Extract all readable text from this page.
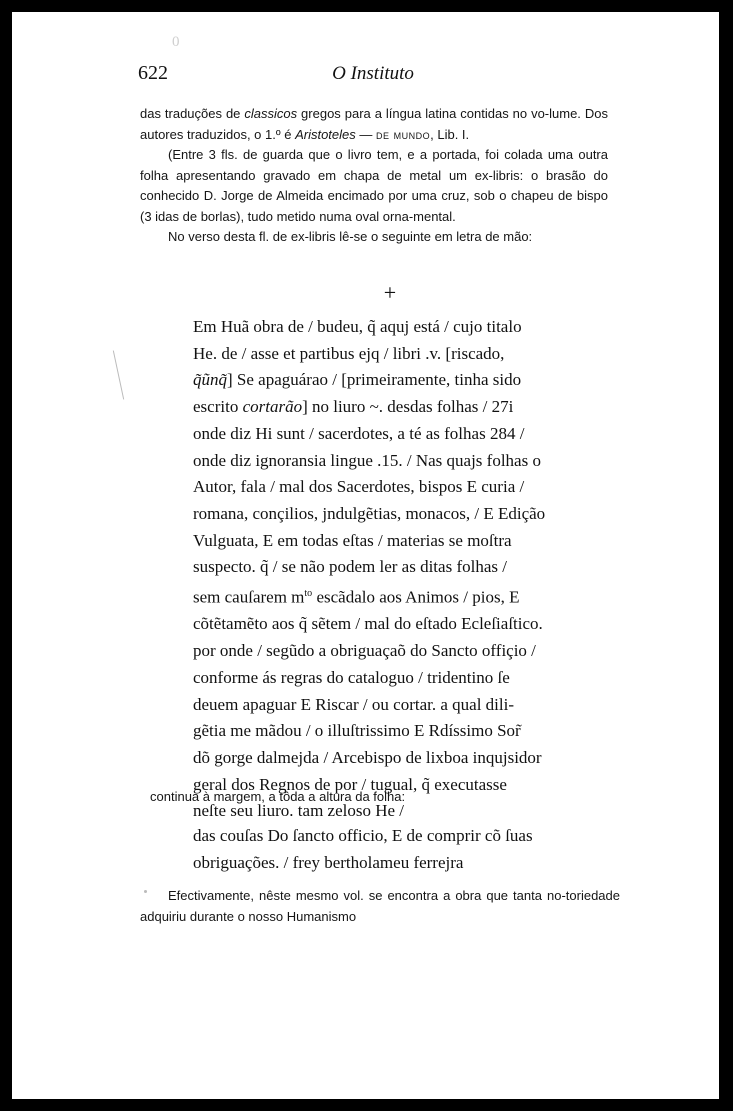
0
622	O Instituto

das traduções de classicos gregos para a língua latina contidas no vo-lume. Dos autores traduzidos, o 1.º é Aristoteles — de mundo, Lib. I.

(Entre 3 fls. de guarda que o livro tem, e a portada, foi colada uma outra folha apresentando gravado em chapa de metal um ex-libris: o brasão do conhecido D. Jorge de Almeida encimado por uma cruz, sob o chapeu de bispo (3 idas de borlas), tudo metido numa oval orna-mental.

No verso desta fl. de ex-libris lê-se o seguinte em letra de mão:

+
Em Huã obra de / budeu, q̃ aquj está / cujo titalo
He. de / asse et partibus ejq / libri .v. [riscado,
q̃ũnq̃] Se apaguárao / [primeiramente, tinha sido
escrito cortarão] no liuro ~. desdas folhas / 27i
onde diz Hi sunt / sacerdotes, a té as folhas 284 /
onde diz ignoransia lingue .15. / Nas quajs folhas o
Autor, fala / mal dos Sacerdotes, bispos E curia /
romana, conçilios, jndulgẽtias, monacos, / E Edição
Vulguata, E em todas eſtas / materias se moſtra
suspecto. q̃ / se não podem ler as ditas folhas /
sem cauſarem $m^{to}$ escãdalo aos Animos / pios, E
cõtẽtamẽto aos q̃ sẽtem / mal do eſtado Ecleſiaſtico.
por onde / segũdo a obriguaçaõ do Sancto offiçio /
conforme ás regras do cataloguo / tridentino ſe
deuem apaguar E Riscar / ou cortar. a qual dili-
gẽtia me mãdou / o illuſtrissimo E Rdíssimo Sor̃
dõ gorge dalmejda / Arcebispo de lixboa inqujsidor
geral dos Regnos de por / tugual, q̃ executasse
neſte seu liuro. tam zeloso He /
continua à margem, a tôda a altura da folha:
das couſas Do ſancto officio, E de comprir cõ ſuas
obriguações. / frey bertholameu ferrejra

Efectivamente, nêste mesmo vol. se encontra a obra que tanta no-toriedade adquiriu durante o nosso Humanismo
